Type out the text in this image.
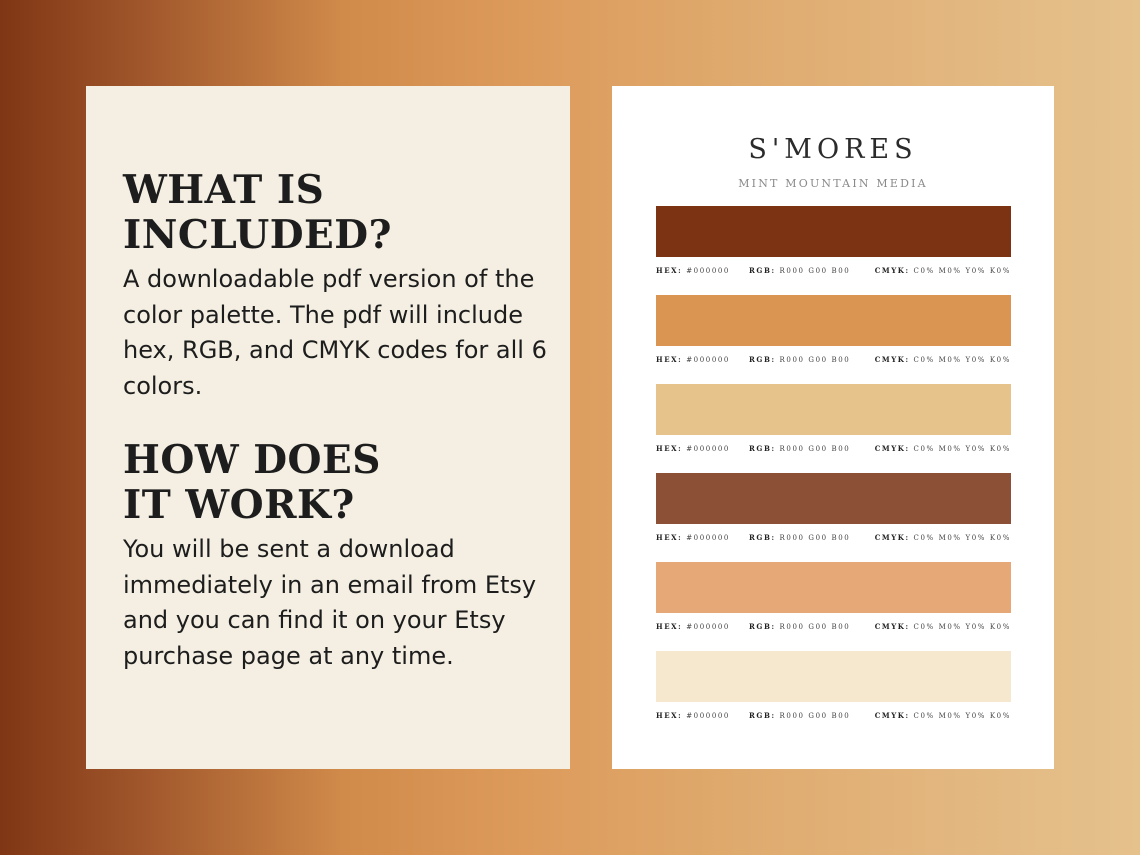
WHAT IS
INCLUDED?

A downloadable pdf version of the color palette. The pdf will include hex, RGB, and CMYK codes for all 6 colors.

HOW DOES
IT WORK?

You will be sent a download immediately in an email from Etsy and you can find it on your Etsy purchase page at any time.

S'MORES
MINT MOUNTAIN MEDIA
HEX: #000000	RGB: R000 G00 B00	CMYK: C0% M0% Y0% K0%
HEX: #000000	RGB: R000 G00 B00	CMYK: C0% M0% Y0% K0%
HEX: #000000	RGB: R000 G00 B00	CMYK: C0% M0% Y0% K0%
HEX: #000000	RGB: R000 G00 B00	CMYK: C0% M0% Y0% K0%
HEX: #000000	RGB: R000 G00 B00	CMYK: C0% M0% Y0% K0%
HEX: #000000	RGB: R000 G00 B00	CMYK: C0% M0% Y0% K0%
